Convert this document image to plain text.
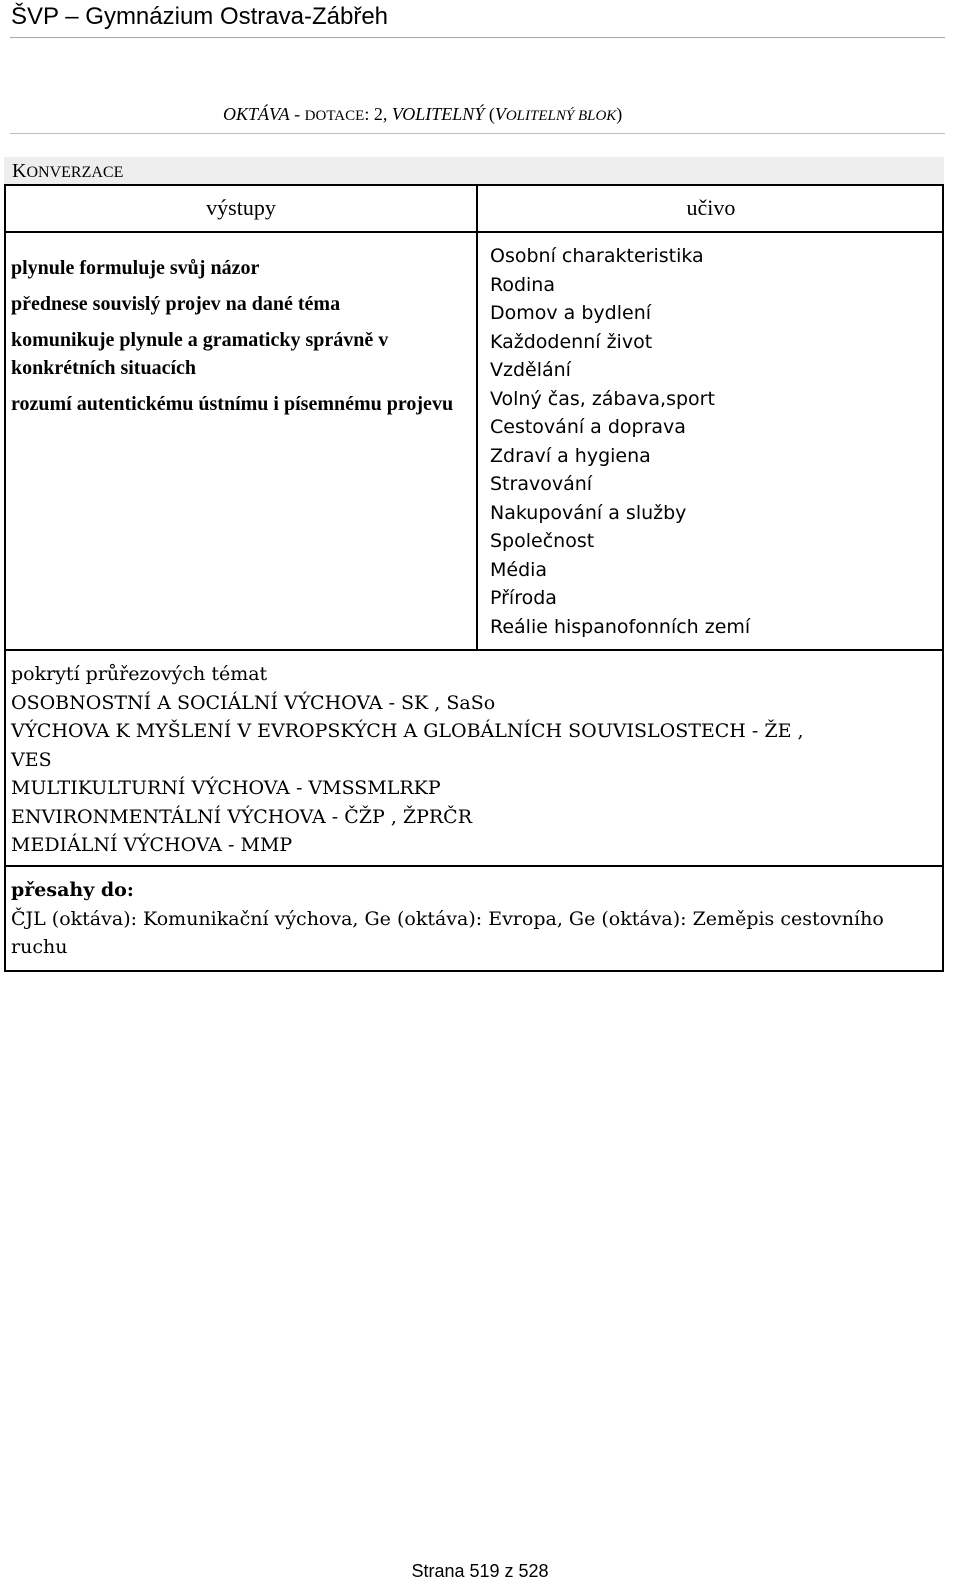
ŠVP – Gymnázium Ostrava-Zábřeh
OKTÁVA - DOTACE: 2, VOLITELNÝ (VOLITELNÝ BLOK)
KONVERZACE
výstupy	učivo
plynule formuluje svůj názor
přednese souvislý projev na dané téma
komunikuje plynule a gramaticky správně v konkrétních situacích
rozumí autentickému ústnímu i písemnému projevu
Osobní charakteristika
Rodina
Domov a bydlení
Každodenní život
Vzdělání
Volný čas, zábava,sport
Cestování a doprava
Zdraví a hygiena
Stravování
Nakupování a služby
Společnost
Média
Příroda
Reálie hispanofonních zemí
pokrytí průřezových témat
OSOBNOSTNÍ A SOCIÁLNÍ VÝCHOVA - SK , SaSo
VÝCHOVA K MYŠLENÍ V EVROPSKÝCH A GLOBÁLNÍCH SOUVISLOSTECH - ŽE ,
VES
MULTIKULTURNÍ VÝCHOVA - VMSSMLRKP
ENVIRONMENTÁLNÍ VÝCHOVA - ČŽP , ŽPRČR
MEDIÁLNÍ VÝCHOVA - MMP
přesahy do:
ČJL (oktáva): Komunikační výchova, Ge (oktáva): Evropa, Ge (oktáva): Zeměpis cestovního ruchu
Strana 519 z 528
